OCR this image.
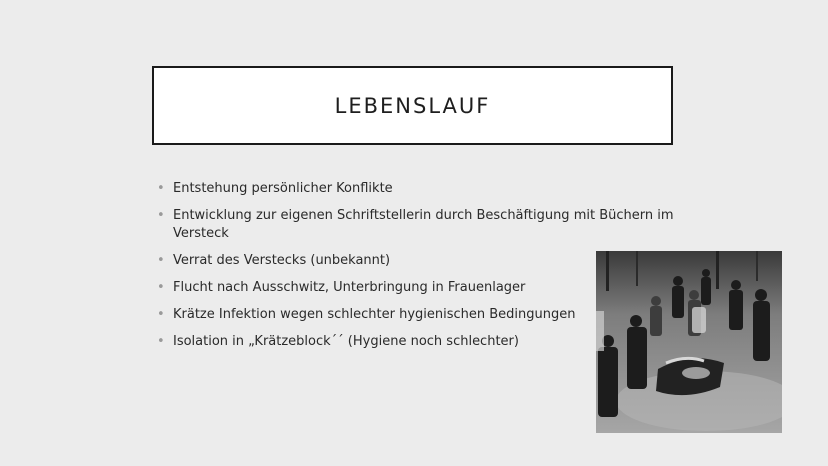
LEBENSLAUF
• Entstehung persönlicher Konflikte
• Entwicklung zur eigenen Schriftstellerin durch Beschäftigung mit Büchern im Versteck
• Verrat des Verstecks (unbekannt)
• Flucht nach Ausschwitz, Unterbringung in Frauenlager
• Krätze Infektion wegen schlechter hygienischen Bedingungen
• Isolation in „Krätzeblock´´ (Hygiene noch schlechter)
